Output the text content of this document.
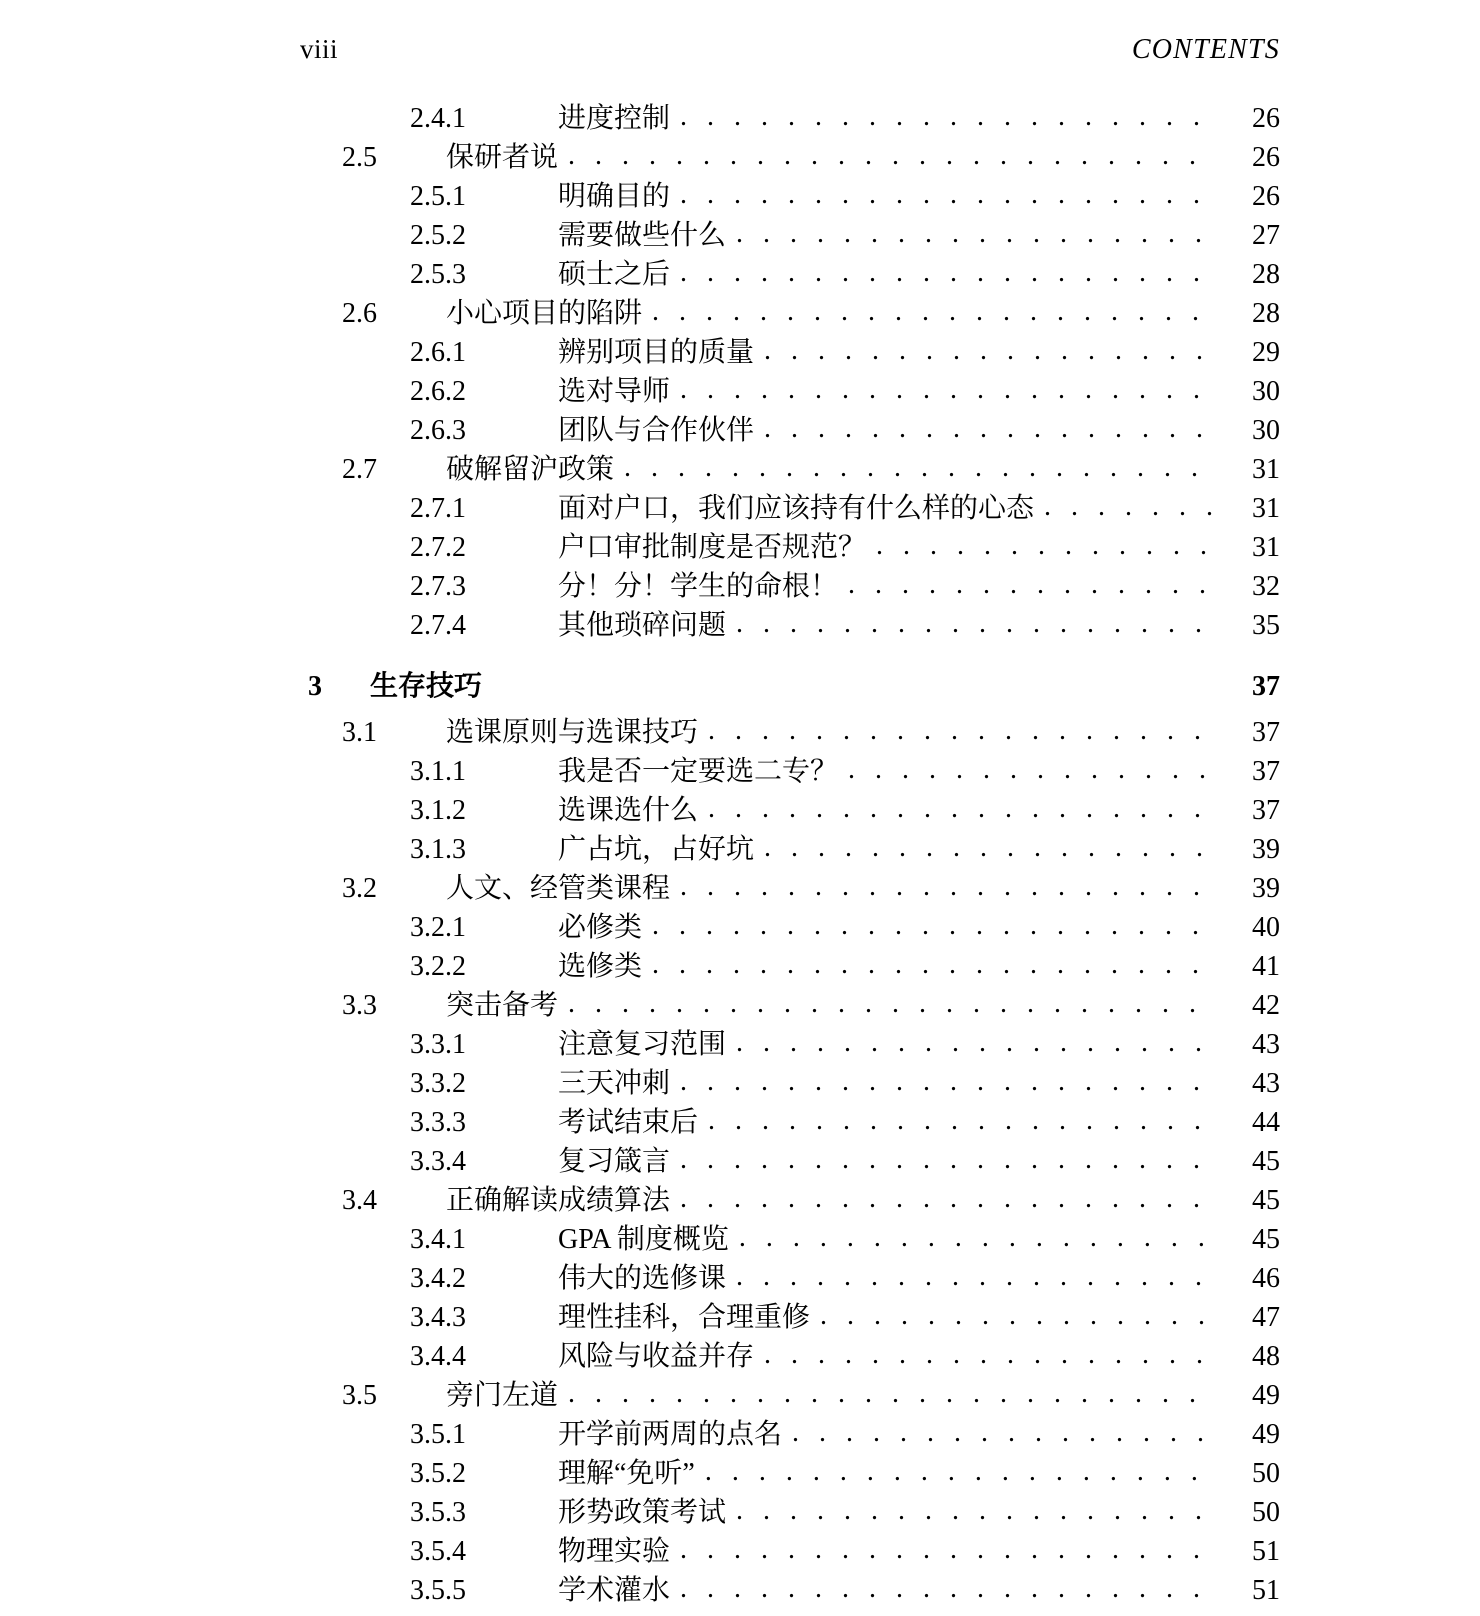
viii	CONTENTS
2.4.1	进度控制 . . .	26
2.5	保研者说 . . .	26
2.5.1	明确目的 . . .	26
2.5.2	需要做些什么 . . .	27
2.5.3	硕士之后 . . .	28
2.6	小心项目的陷阱 . . .	28
2.6.1	辨别项目的质量 . . .	29
2.6.2	选对导师 . . .	30
2.6.3	团队与合作伙伴 . . .	30
2.7	破解留沪政策 . . .	31
2.7.1	面对户口，我们应该持有什么样的心态 . . .	31
2.7.2	户口审批制度是否规范？ . . .	31
2.7.3	分！分！学生的命根！ . . .	32
2.7.4	其他琐碎问题 . . .	35
3	生存技巧	37
3.1	选课原则与选课技巧 . . .	37
3.1.1	我是否一定要选二专？ . . .	37
3.1.2	选课选什么 . . .	37
3.1.3	广占坑，占好坑 . . .	39
3.2	人文、经管类课程 . . .	39
3.2.1	必修类 . . .	40
3.2.2	选修类 . . .	41
3.3	突击备考 . . .	42
3.3.1	注意复习范围 . . .	43
3.3.2	三天冲刺 . . .	43
3.3.3	考试结束后 . . .	44
3.3.4	复习箴言 . . .	45
3.4	正确解读成绩算法 . . .	45
3.4.1	GPA 制度概览 . . .	45
3.4.2	伟大的选修课 . . .	46
3.4.3	理性挂科，合理重修 . . .	47
3.4.4	风险与收益并存 . . .	48
3.5	旁门左道 . . .	49
3.5.1	开学前两周的点名 . . .	49
3.5.2	理解“免听” . . .	50
3.5.3	形势政策考试 . . .	50
3.5.4	物理实验 . . .	51
3.5.5	学术灌水 . . .	51
